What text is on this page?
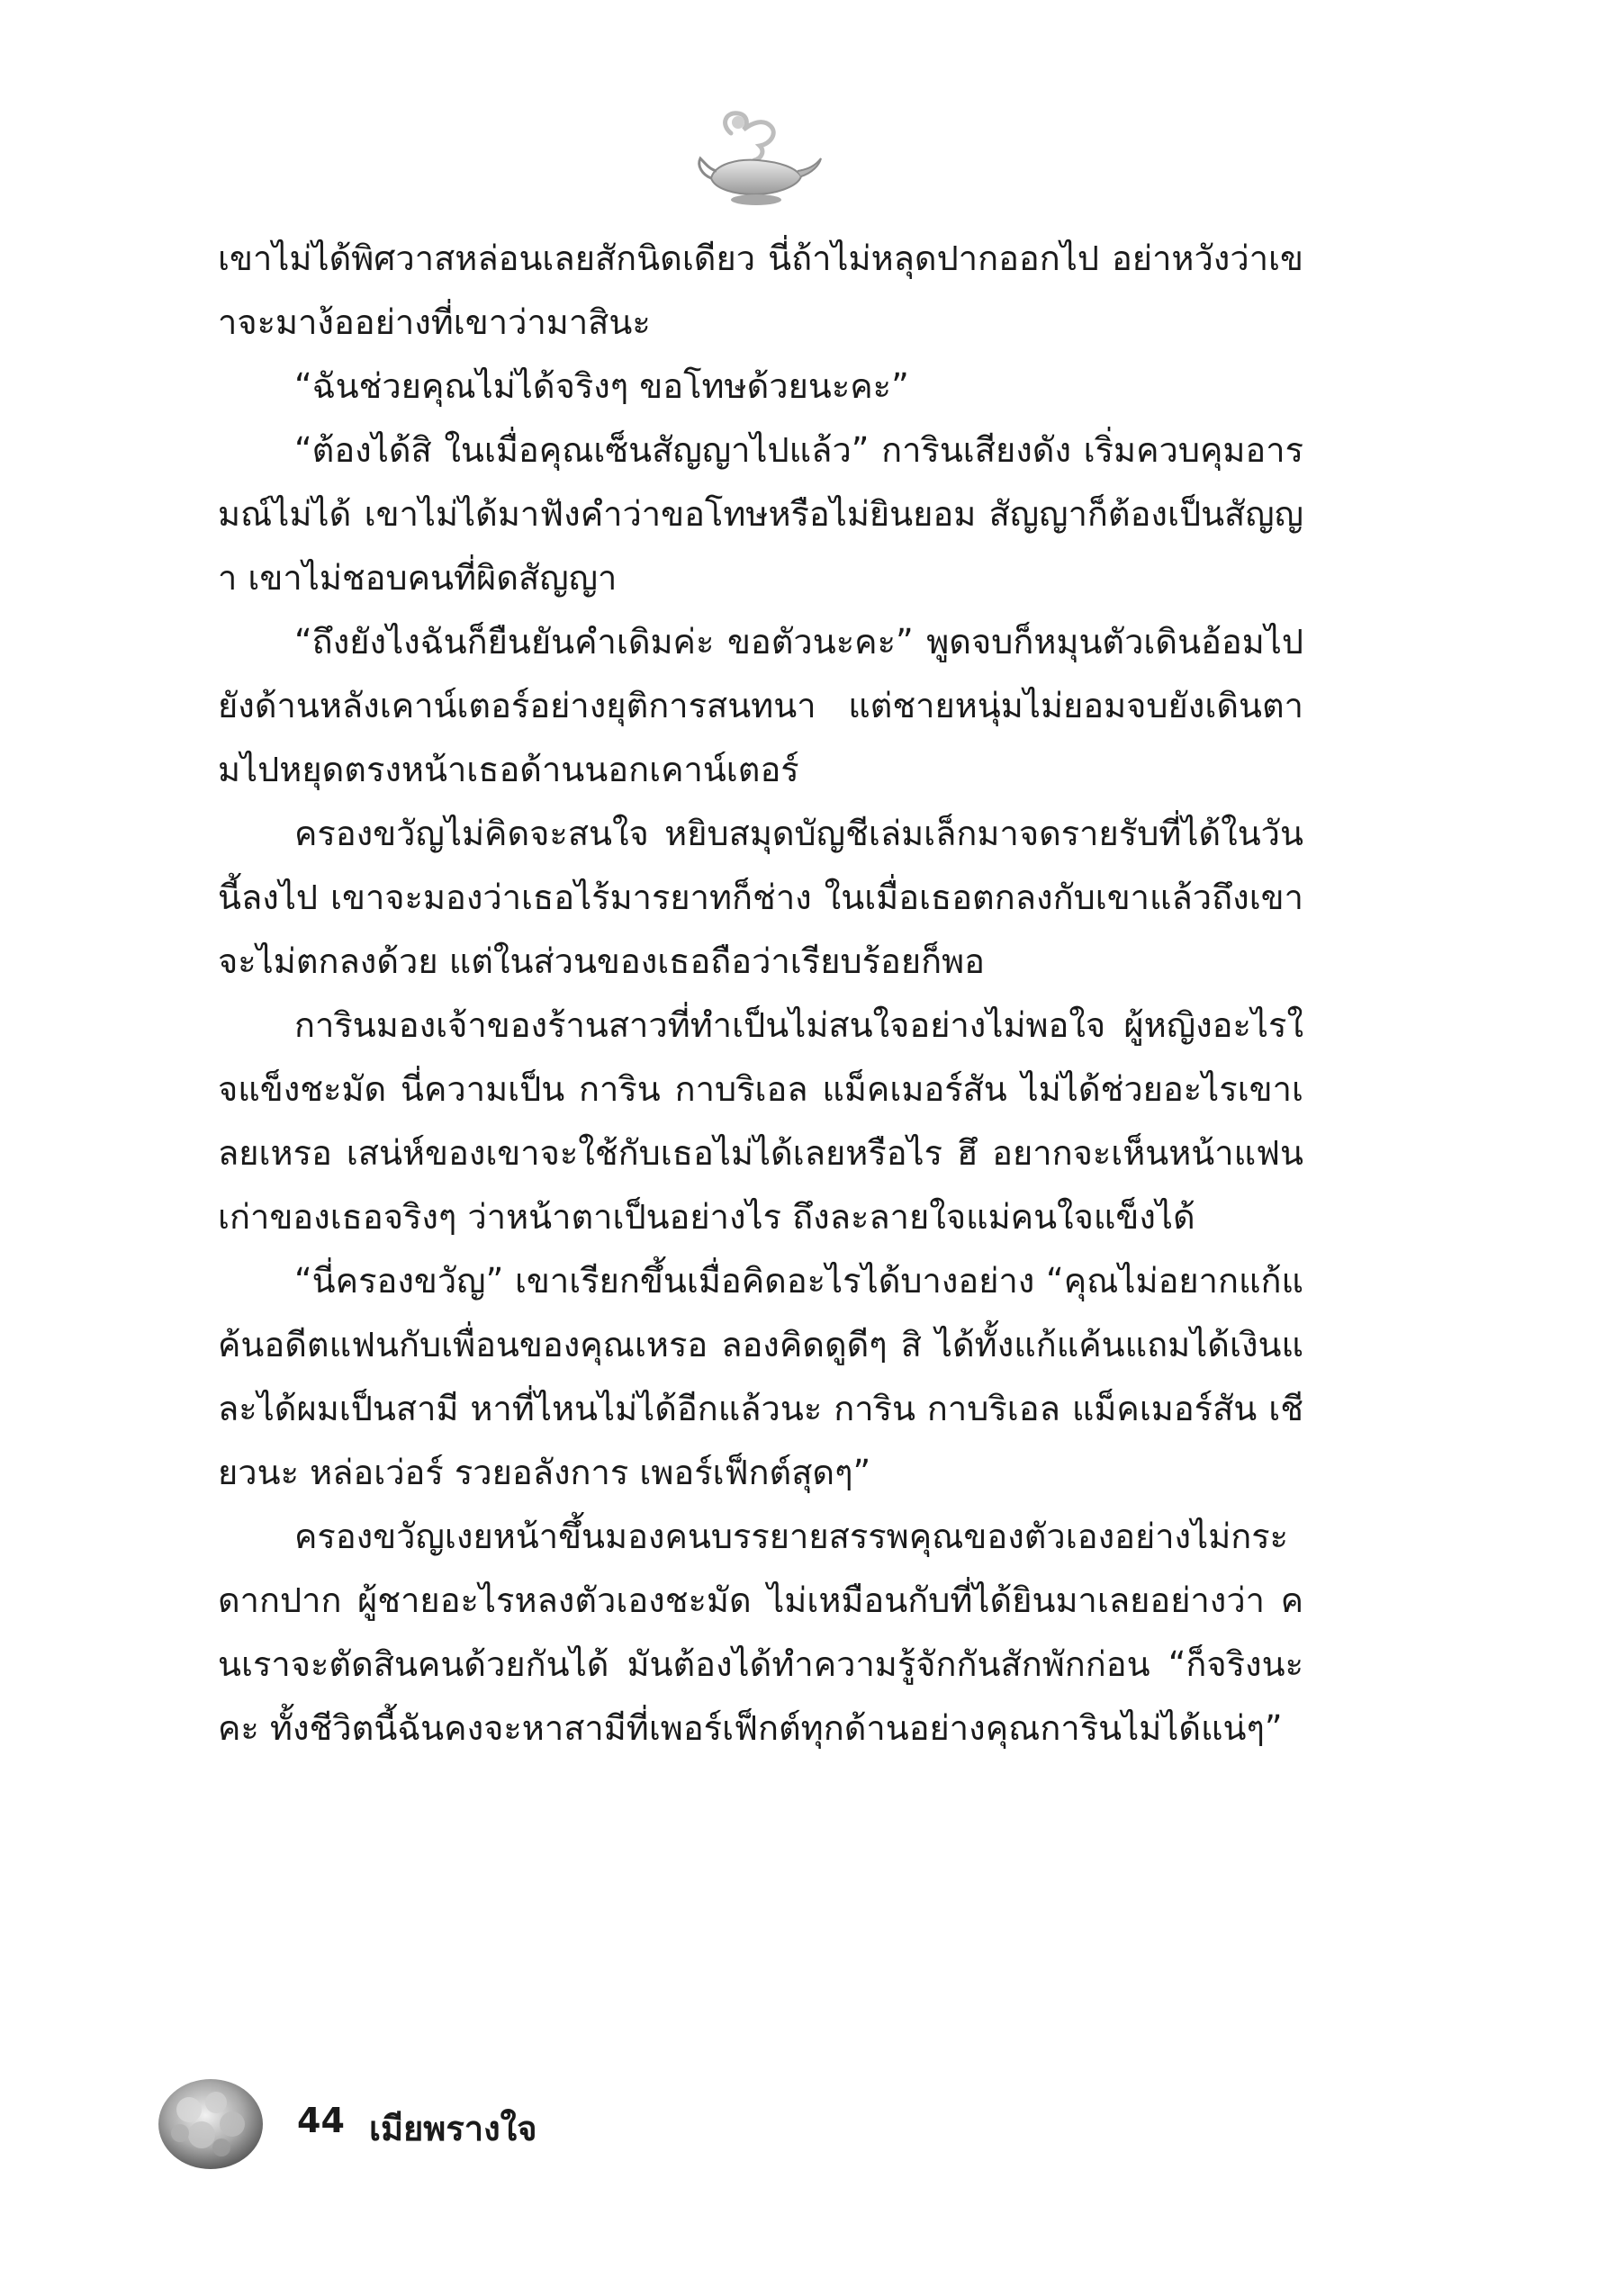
เขาไม่ได้พิศวาสหล่อนเลยสักนิดเดียว นี่ถ้าไม่หลุดปากออกไป อย่าหวังว่าเขาจะมาง้ออย่างที่เขาว่ามาสินะ

“ฉันช่วยคุณไม่ได้จริงๆ ขอโทษด้วยนะคะ”

“ต้องได้สิ ในเมื่อคุณเซ็นสัญญาไปแล้ว” การินเสียงดัง เริ่มควบคุมอารมณ์ไม่ได้ เขาไม่ได้มาฟังคำว่าขอโทษหรือไม่ยินยอม สัญญาก็ต้องเป็นสัญญา เขาไม่ชอบคนที่ผิดสัญญา

“ถึงยังไงฉันก็ยืนยันคำเดิมค่ะ ขอตัวนะคะ” พูดจบก็หมุนตัวเดินอ้อมไปยังด้านหลังเคาน์เตอร์อย่างยุติการสนทนา แต่ชายหนุ่มไม่ยอมจบยังเดินตามไปหยุดตรงหน้าเธอด้านนอกเคาน์เตอร์

ครองขวัญไม่คิดจะสนใจ หยิบสมุดบัญชีเล่มเล็กมาจดรายรับที่ได้ในวันนี้ลงไป เขาจะมองว่าเธอไร้มารยาทก็ช่าง ในเมื่อเธอตกลงกับเขาแล้วถึงเขาจะไม่ตกลงด้วย แต่ในส่วนของเธอถือว่าเรียบร้อยก็พอ

การินมองเจ้าของร้านสาวที่ทำเป็นไม่สนใจอย่างไม่พอใจ ผู้หญิงอะไรใจแข็งชะมัด นี่ความเป็น การิน กาบริเอล แม็คเมอร์สัน ไม่ได้ช่วยอะไรเขาเลยเหรอ เสน่ห์ของเขาจะใช้กับเธอไม่ได้เลยหรือไร ฮึ อยากจะเห็นหน้าแฟนเก่าของเธอจริงๆ ว่าหน้าตาเป็นอย่างไร ถึงละลายใจแม่คนใจแข็งได้

“นี่ครองขวัญ” เขาเรียกขึ้นเมื่อคิดอะไรได้บางอย่าง “คุณไม่อยากแก้แค้นอดีตแฟนกับเพื่อนของคุณเหรอ ลองคิดดูดีๆ สิ ได้ทั้งแก้แค้นแถมได้เงินและได้ผมเป็นสามี หาที่ไหนไม่ได้อีกแล้วนะ การิน กาบริเอล แม็คเมอร์สัน เชียวนะ หล่อเว่อร์ รวยอลังการ เพอร์เฟ็กต์สุดๆ”

ครองขวัญเงยหน้าขึ้นมองคนบรรยายสรรพคุณของตัวเองอย่างไม่กระดากปาก ผู้ชายอะไรหลงตัวเองชะมัด ไม่เหมือนกับที่ได้ยินมาเลยอย่างว่า คนเราจะตัดสินคนด้วยกันได้ มันต้องได้ทำความรู้จักกันสักพักก่อน “ก็จริงนะคะ ทั้งชีวิตนี้ฉันคงจะหาสามีที่เพอร์เฟ็กต์ทุกด้านอย่างคุณการินไม่ได้แน่ๆ”

44 เมียพรางใจ
